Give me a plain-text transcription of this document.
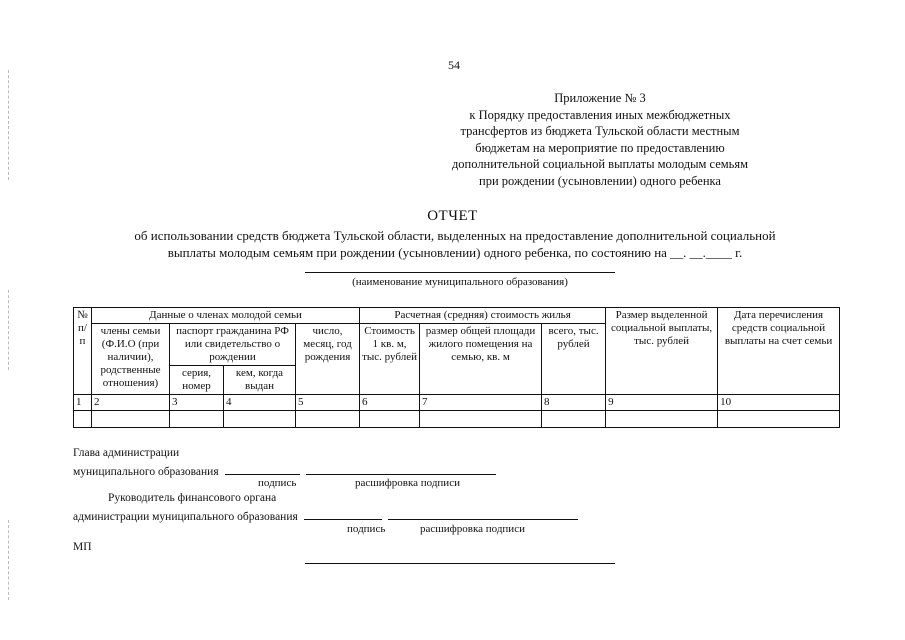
54
Приложение № 3
к Порядку предоставления иных межбюджетных
трансфертов из бюджета Тульской области местным
бюджетам на мероприятие по предоставлению
дополнительной социальной выплаты молодым семьям
при рождении (усыновлении) одного ребенка
ОТЧЕТ
об использовании средств бюджета Тульской области, выделенных на предоставление дополнительной социальной
выплаты молодым семьям при рождении (усыновлении) одного ребенка, по состоянию на __. __.____ г.
(наименование муниципального образования)
№ п/п	Данные о членах молодой семьи				Расчетная (средняя) стоимость жилья			Размер выделенной социальной выплаты, тыс. рублей	Дата перечисления средств социальной выплаты на счет семьи
	члены семьи (Ф.И.О (при наличии), родственные отношения)	паспорт гражданина РФ или свидетельство о рождении		число, месяц, год рождения	Стоимость 1 кв. м, тыс. рублей	размер общей площади жилого помещения на семью, кв. м	всего, тыс. рублей		
		серия, номер	кем, когда выдан						
1	2	3	4	5	6	7	8	9	10

Глава администрации
муниципального образования
подпись	расшифровка подписи
Руководитель финансового органа
администрации муниципального образования
подпись	расшифровка подписи
МП
